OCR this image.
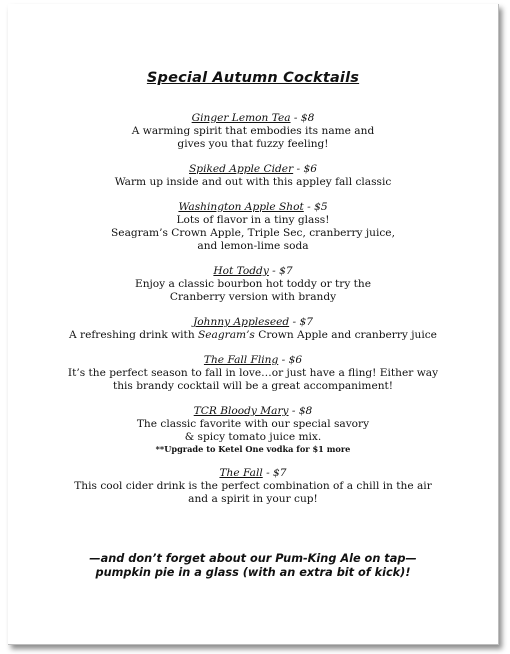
Special Autumn Cocktails
Ginger Lemon Tea - $8
A warming spirit that embodies its name and
gives you that fuzzy feeling!
Spiked Apple Cider - $6
Warm up inside and out with this appley fall classic
Washington Apple Shot - $5
Lots of flavor in a tiny glass!
Seagram’s Crown Apple, Triple Sec, cranberry juice,
and lemon-lime soda
Hot Toddy - $7
Enjoy a classic bourbon hot toddy or try the
Cranberry version with brandy
Johnny Appleseed - $7
A refreshing drink with Seagram’s Crown Apple and cranberry juice
The Fall Fling - $6
It’s the perfect season to fall in love…or just have a fling! Either way
this brandy cocktail will be a great accompaniment!
TCR Bloody Mary - $8
The classic favorite with our special savory
& spicy tomato juice mix.
**Upgrade to Ketel One vodka for $1 more
The Fall - $7
This cool cider drink is the perfect combination of a chill in the air
and a spirit in your cup!
—and don’t forget about our Pum-King Ale on tap—
pumpkin pie in a glass (with an extra bit of kick)!
